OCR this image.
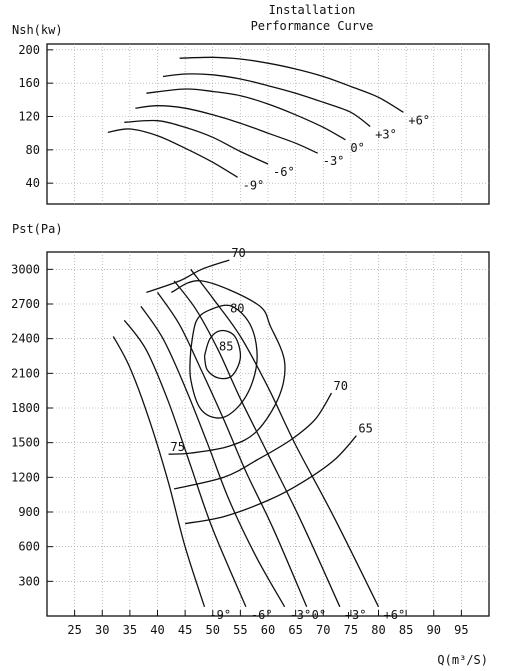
Installation
Performance Curve
Nsh(kw)
40
80
120
160
200
-9°
-6°
-3°
0°
+3°
+6°
Pst(Pa)
300
600
900
1200
1500
1800
2100
2400
2700
3000
25 30 35 40 45 50 55 60 65 70 75 80 85 90 95
-9° -6° -3° 0° +3° +6°
85
80
75
70
70
65
Q(m³/S)
